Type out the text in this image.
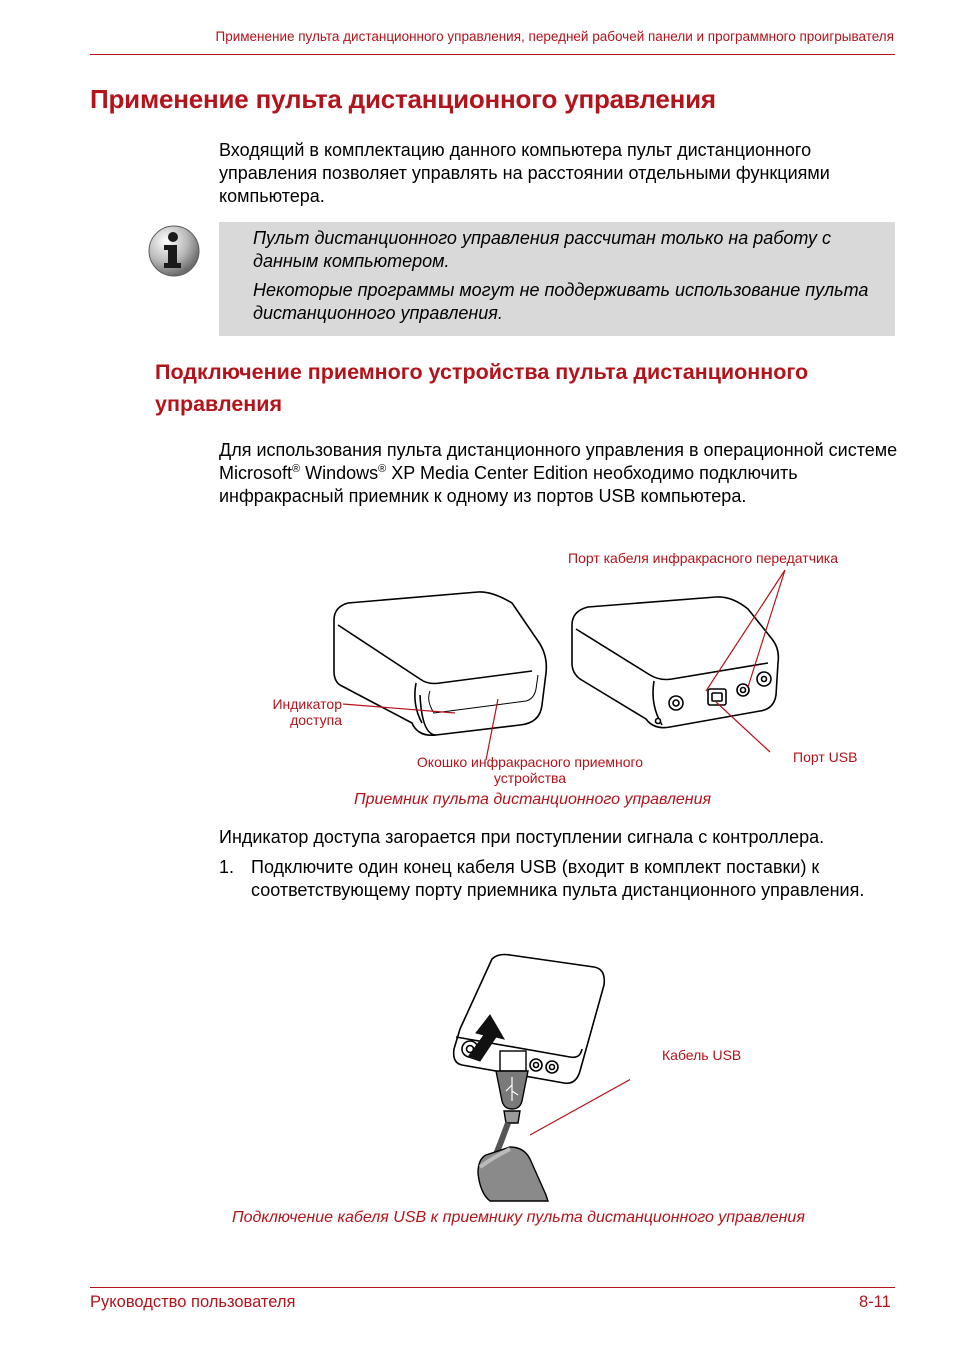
Применение пульта дистанционного управления, передней рабочей панели и программного проигрывателя
Применение пульта дистанционного управления
Входящий в комплектацию данного компьютера пульт дистанционного управления позволяет управлять на расстоянии отдельными функциями компьютера.
Пульт дистанционного управления рассчитан только на работу с данным компьютером.
Некоторые программы могут не поддерживать использование пульта дистанционного управления.
Подключение приемного устройства пульта дистанционного управления
Для использования пульта дистанционного управления в операционной системе Microsoft® Windows® XP Media Center Edition необходимо подключить инфракрасный приемник к одному из портов USB компьютера.
Порт кабеля инфракрасного передатчика
Индикатор
доступа
Окошко инфракрасного приемного
устройства
Порт USB
Приемник пульта дистанционного управления
Индикатор доступа загорается при поступлении сигнала с контроллера.
1. Подключите один конец кабеля USB (входит в комплект поставки) к соответствующему порту приемника пульта дистанционного управления.
Кабель USB
Подключение кабеля USB к приемнику пульта дистанционного управления
Руководство пользователя	8-11
